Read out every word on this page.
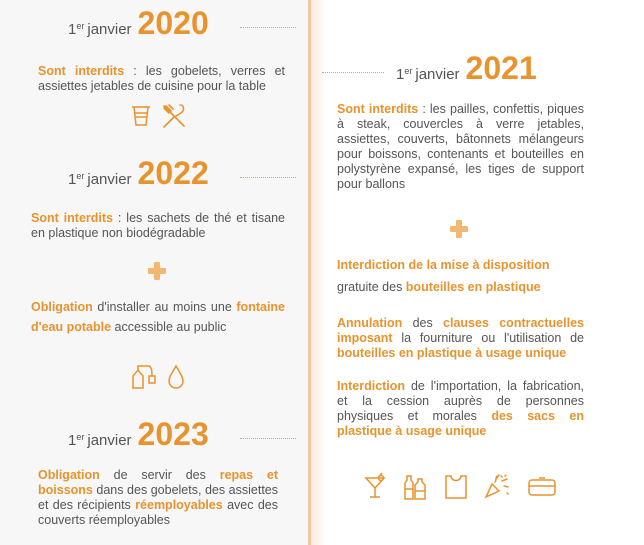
1 er janvier 2020
Sont interdits : les gobelets, verres et assiettes jetables de cuisine pour la table
1 er janvier 2022
Sont interdits : les sachets de thé et tisane en plastique non biodégradable
Obligation d'installer au moins une fontaine d'eau potable accessible au public
1 er janvier 2023
Obligation de servir des repas et boissons dans des gobelets, des assiettes et des récipients réemployables avec des couverts réemployables
1 er janvier 2021
Sont interdits : les pailles, confettis, piques à steak, couvercles à verre jetables, assiettes, couverts, bâtonnets mélangeurs pour boissons, contenants et bouteilles en polystyrène expansé, les tiges de support pour ballons
Interdiction de la mise à disposition
gratuite des bouteilles en plastique
Annulation des clauses contractuelles imposant la fourniture ou l'utilisation de bouteilles en plastique à usage unique
Interdiction de l'importation, la fabrication, et la cession auprès de personnes physiques et morales des sacs en plastique à usage unique
